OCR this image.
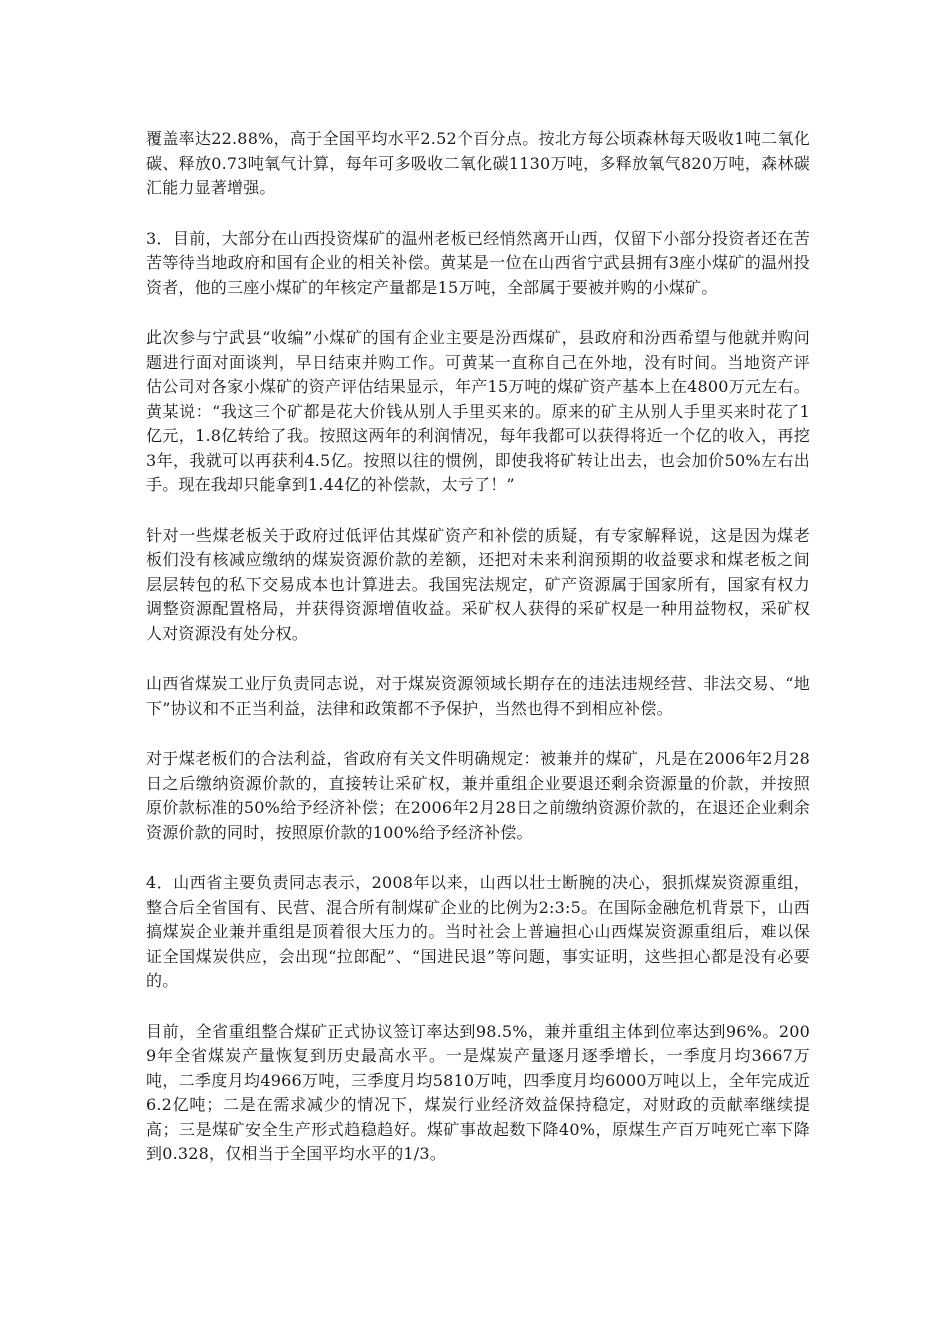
覆盖率达22.88%，高于全国平均水平2.52个百分点。按北方每公顷森林每天吸收1吨二氧化碳、释放0.73吨氧气计算，每年可多吸收二氧化碳1130万吨，多释放氧气820万吨，森林碳汇能力显著增强。

3．目前，大部分在山西投资煤矿的温州老板已经悄然离开山西，仅留下小部分投资者还在苦苦等待当地政府和国有企业的相关补偿。黄某是一位在山西省宁武县拥有3座小煤矿的温州投资者，他的三座小煤矿的年核定产量都是15万吨，全部属于要被并购的小煤矿。

此次参与宁武县“收编”小煤矿的国有企业主要是汾西煤矿，县政府和汾西希望与他就并购问题进行面对面谈判，早日结束并购工作。可黄某一直称自己在外地，没有时间。当地资产评估公司对各家小煤矿的资产评估结果显示，年产15万吨的煤矿资产基本上在4800万元左右。黄某说：“我这三个矿都是花大价钱从别人手里买来的。原来的矿主从别人手里买来时花了1亿元，1.8亿转给了我。按照这两年的利润情况，每年我都可以获得将近一个亿的收入，再挖3年，我就可以再获利4.5亿。按照以往的惯例，即使我将矿转让出去，也会加价50%左右出手。现在我却只能拿到1.44亿的补偿款，太亏了！”

针对一些煤老板关于政府过低评估其煤矿资产和补偿的质疑，有专家解释说，这是因为煤老板们没有核减应缴纳的煤炭资源价款的差额，还把对未来利润预期的收益要求和煤老板之间层层转包的私下交易成本也计算进去。我国宪法规定，矿产资源属于国家所有，国家有权力调整资源配置格局，并获得资源增值收益。采矿权人获得的采矿权是一种用益物权，采矿权人对资源没有处分权。

山西省煤炭工业厅负责同志说，对于煤炭资源领域长期存在的违法违规经营、非法交易、“地下”协议和不正当利益，法律和政策都不予保护，当然也得不到相应补偿。

对于煤老板们的合法利益，省政府有关文件明确规定：被兼并的煤矿，凡是在2006年2月28日之后缴纳资源价款的，直接转让采矿权，兼并重组企业要退还剩余资源量的价款，并按照原价款标准的50%给予经济补偿；在2006年2月28日之前缴纳资源价款的，在退还企业剩余资源价款的同时，按照原价款的100%给予经济补偿。

4．山西省主要负责同志表示，2008年以来，山西以壮士断腕的决心，狠抓煤炭资源重组，整合后全省国有、民营、混合所有制煤矿企业的比例为2:3:5。在国际金融危机背景下，山西搞煤炭企业兼并重组是顶着很大压力的。当时社会上普遍担心山西煤炭资源重组后，难以保证全国煤炭供应，会出现“拉郎配”、“国进民退”等问题，事实证明，这些担心都是没有必要的。

目前，全省重组整合煤矿正式协议签订率达到98.5%，兼并重组主体到位率达到96%。2009年全省煤炭产量恢复到历史最高水平。一是煤炭产量逐月逐季增长，一季度月均3667万吨，二季度月均4966万吨，三季度月均5810万吨，四季度月均6000万吨以上，全年完成近6.2亿吨；二是在需求减少的情况下，煤炭行业经济效益保持稳定，对财政的贡献率继续提高；三是煤矿安全生产形式趋稳趋好。煤矿事故起数下降40%，原煤生产百万吨死亡率下降到0.328，仅相当于全国平均水平的1/3。
